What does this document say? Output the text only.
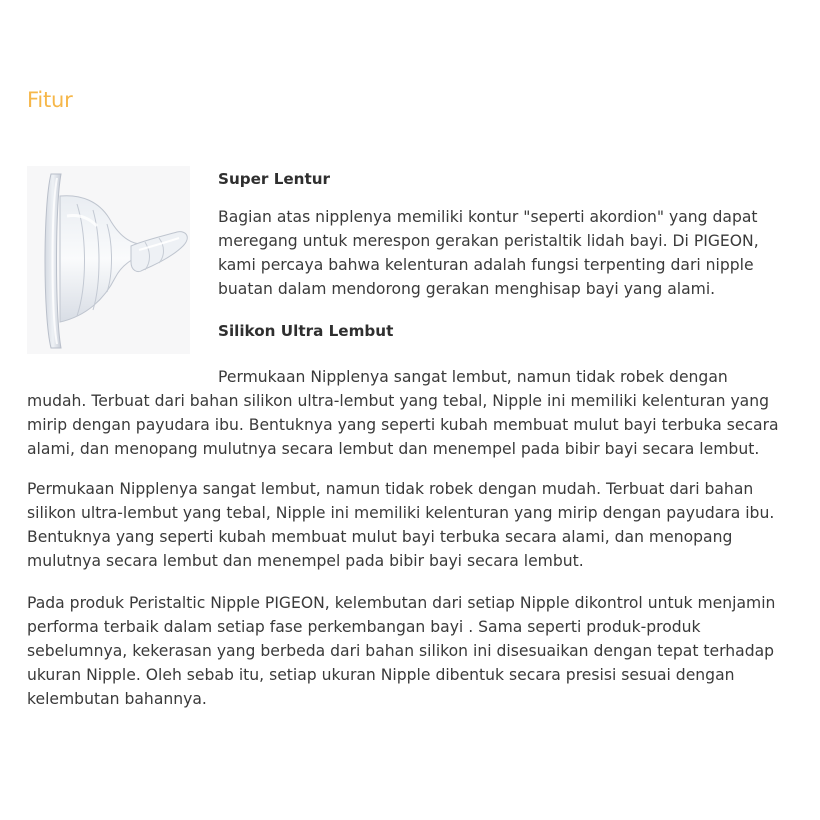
Fitur

Super Lentur

Bagian atas nipplenya memiliki kontur "seperti akordion" yang dapat meregang untuk merespon gerakan peristaltik lidah bayi. Di PIGEON, kami percaya bahwa kelenturan adalah fungsi terpenting dari nipple buatan dalam mendorong gerakan menghisap bayi yang alami.

Silikon Ultra Lembut

Permukaan Nipplenya sangat lembut, namun tidak robek dengan mudah. Terbuat dari bahan silikon ultra-lembut yang tebal, Nipple ini memiliki kelenturan yang mirip dengan payudara ibu. Bentuknya yang seperti kubah membuat mulut bayi terbuka secara alami, dan menopang mulutnya secara lembut dan menempel pada bibir bayi secara lembut.

Permukaan Nipplenya sangat lembut, namun tidak robek dengan mudah. Terbuat dari bahan silikon ultra-lembut yang tebal, Nipple ini memiliki kelenturan yang mirip dengan payudara ibu. Bentuknya yang seperti kubah membuat mulut bayi terbuka secara alami, dan menopang mulutnya secara lembut dan menempel pada bibir bayi secara lembut.

Pada produk Peristaltic Nipple PIGEON, kelembutan dari setiap Nipple dikontrol untuk menjamin performa terbaik dalam setiap fase perkembangan bayi . Sama seperti produk-produk sebelumnya, kekerasan yang berbeda dari bahan silikon ini disesuaikan dengan tepat terhadap ukuran Nipple. Oleh sebab itu, setiap ukuran Nipple dibentuk secara presisi sesuai dengan kelembutan bahannya.
